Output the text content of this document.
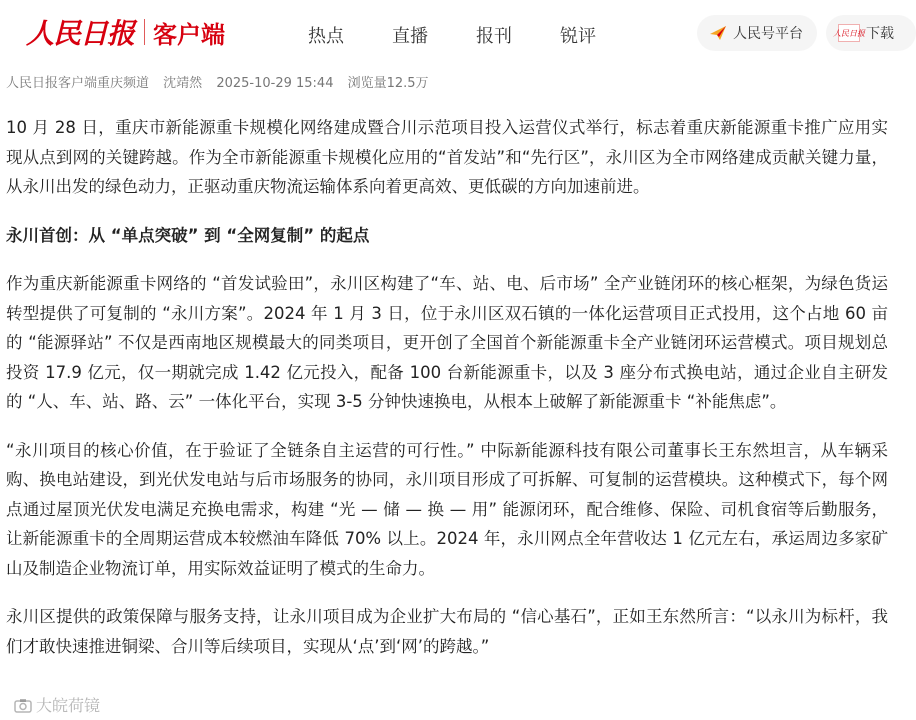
人民日报 客户端	热点	直播	报刊	锐评	人民号平台	人民日报 下载
人民日报客户端重庆频道 沈靖然 2025-10-29 15:44 浏览量12.5万

10 月 28 日，重庆市新能源重卡规模化网络建成暨合川示范项目投入运营仪式举行，标志着重庆新能源重卡推广应用实现从点到网的关键跨越。作为全市新能源重卡规模化应用的“首发站”和“先行区”，永川区为全市网络建成贡献关键力量，从永川出发的绿色动力，正驱动重庆物流运输体系向着更高效、更低碳的方向加速前进。

永川首创：从 “单点突破” 到 “全网复制” 的起点

作为重庆新能源重卡网络的 “首发试验田”，永川区构建了“车、站、电、后市场” 全产业链闭环的核心框架，为绿色货运转型提供了可复制的 “永川方案”。2024 年 1 月 3 日，位于永川区双石镇的一体化运营项目正式投用，这个占地 60 亩的 “能源驿站” 不仅是西南地区规模最大的同类项目，更开创了全国首个新能源重卡全产业链闭环运营模式。项目规划总投资 17.9 亿元，仅一期就完成 1.42 亿元投入，配备 100 台新能源重卡，以及 3 座分布式换电站，通过企业自主研发的 “人、车、站、路、云” 一体化平台，实现 3-5 分钟快速换电，从根本上破解了新能源重卡 “补能焦虑”。

“永川项目的核心价值，在于验证了全链条自主运营的可行性。” 中际新能源科技有限公司董事长王东然坦言，从车辆采购、换电站建设，到光伏发电站与后市场服务的协同，永川项目形成了可拆解、可复制的运营模块。这种模式下，每个网点通过屋顶光伏发电满足充换电需求，构建 “光 — 储 — 换 — 用” 能源闭环，配合维修、保险、司机食宿等后勤服务，让新能源重卡的全周期运营成本较燃油车降低 70% 以上。2024 年，永川网点全年营收达 1 亿元左右，承运周边多家矿山及制造企业物流订单，用实际效益证明了模式的生命力。

永川区提供的政策保障与服务支持，让永川项目成为企业扩大布局的 “信心基石”，正如王东然所言：“以永川为标杆，我们才敢快速推进铜梁、合川等后续项目，实现从‘点’到‘网’的跨越。”

大皖荷镜
